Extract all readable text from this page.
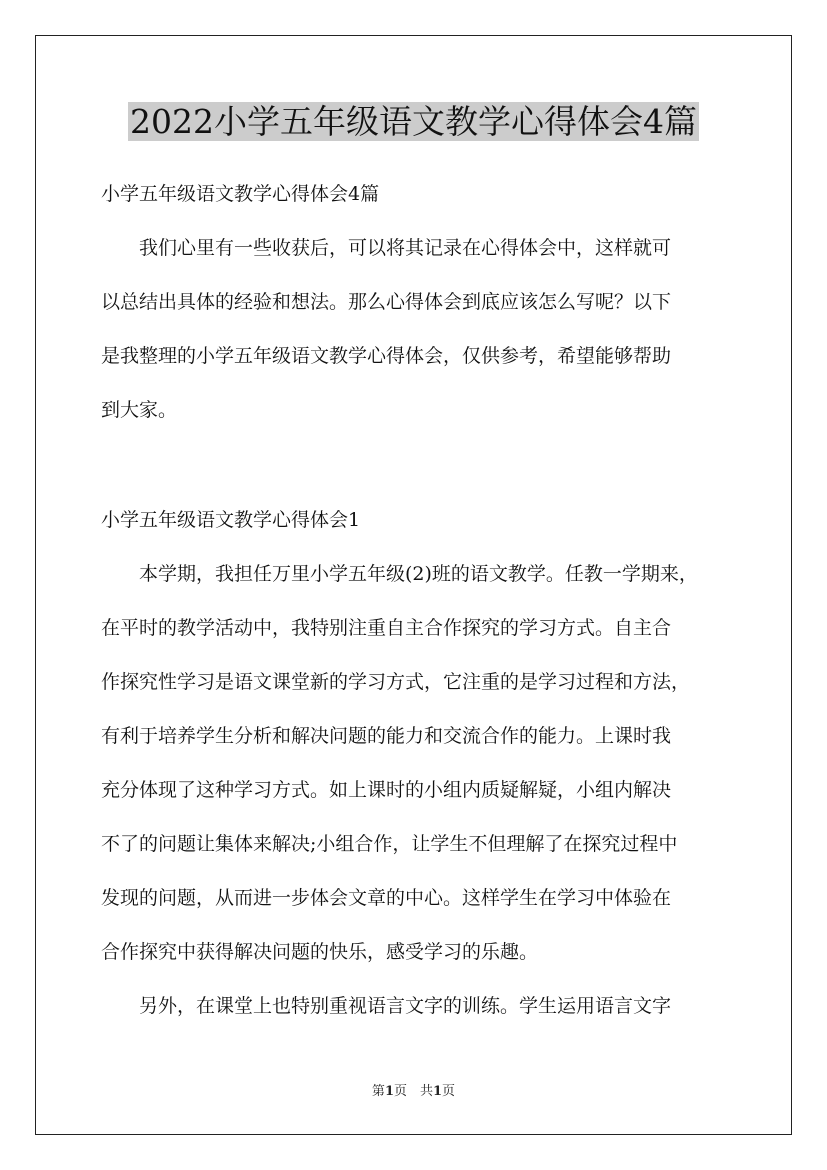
2022小学五年级语文教学心得体会4篇
小学五年级语文教学心得体会4篇
　　我们心里有一些收获后，可以将其记录在心得体会中，这样就可
以总结出具体的经验和想法。那么心得体会到底应该怎么写呢？以下
是我整理的小学五年级语文教学心得体会，仅供参考，希望能够帮助
到大家。
小学五年级语文教学心得体会1
　　本学期，我担任万里小学五年级(2)班的语文教学。任教一学期来，
在平时的教学活动中，我特别注重自主合作探究的学习方式。自主合
作探究性学习是语文课堂新的学习方式，它注重的是学习过程和方法，
有利于培养学生分析和解决问题的能力和交流合作的能力。上课时我
充分体现了这种学习方式。如上课时的小组内质疑解疑，小组内解决
不了的问题让集体来解决;小组合作，让学生不但理解了在探究过程中
发现的问题，从而进一步体会文章的中心。这样学生在学习中体验在
合作探究中获得解决问题的快乐，感受学习的乐趣。
　　另外，在课堂上也特别重视语言文字的训练。学生运用语言文字
第1页　共1页
